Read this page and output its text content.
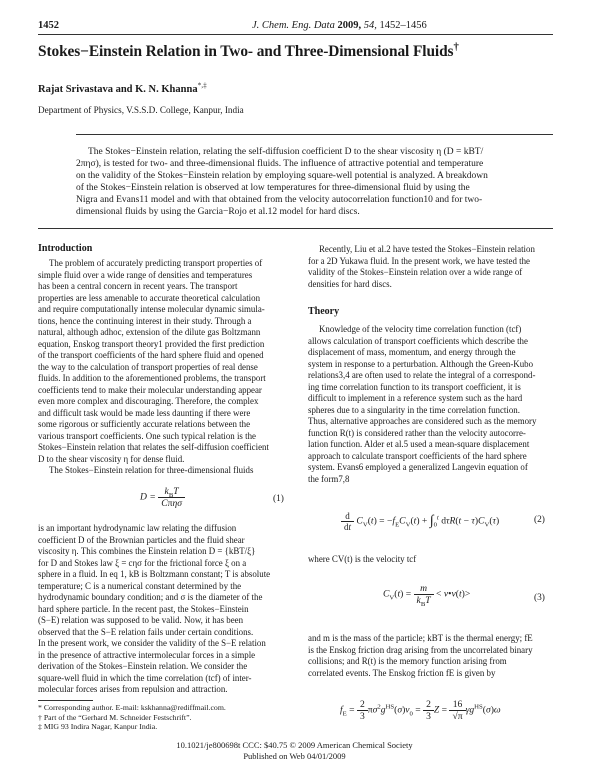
1452	J. Chem. Eng. Data 2009, 54, 1452–1456
Stokes−Einstein Relation in Two- and Three-Dimensional Fluids†
Rajat Srivastava and K. N. Khanna*,‡
Department of Physics, V.S.S.D. College, Kanpur, India

The Stokes−Einstein relation, relating the self-diffusion coefficient D to the shear viscosity η (D = kBT/

2πησ), is tested for two- and three-dimensional fluids. The influence of attractive potential and temperature
on the validity of the Stokes−Einstein relation by employing square-well potential is analyzed. A breakdown
of the Stokes−Einstein relation is observed at low temperatures for three-dimensional fluid by using the
Nigra and Evans11 model and with that obtained from the velocity autocorrelation function10 and for two-
dimensional fluids by using the Garcia−Rojo et al.12 model for hard discs.
Introduction
The problem of accurately predicting transport properties of
simple fluid over a wide range of densities and temperatures
has been a central concern in recent years. The transport
properties are less amenable to accurate theoretical calculation
and require computationally intense molecular dynamic simula-
tions, hence the continuing interest in their study. Through a
natural, although adhoc, extension of the dilute gas Boltzmann
equation, Enskog transport theory1 provided the first prediction
of the transport coefficients of the hard sphere fluid and opened
the way to the calculation of transport properties of real dense
fluids. In addition to the aforementioned problems, the transport
coefficients tend to make their molecular understanding appear
even more complex and discouraging. Therefore, the complex
and difficult task would be made less daunting if there were
some rigorous or sufficiently accurate relations between the
various transport coefficients. One such typical relation is the
Stokes−Einstein relation that relates the self-diffusion coefficient
D to the shear viscosity η for dense fluid.
The Stokes−Einstein relation for three-dimensional fluids
$D = \frac{k_BT}{\text{Cπησ}}$	(1)
is an important hydrodynamic law relating the diffusion
coefficient D of the Brownian particles and the fluid shear
viscosity η. This combines the Einstein relation D = {kBT/ξ}
for D and Stokes law ξ = cησ for the frictional force ξ on a
sphere in a fluid. In eq 1, kB is Boltzmann constant; T is absolute
temperature; C is a numerical constant determined by the
hydrodynamic boundary condition; and σ is the diameter of the
hard sphere particle. In the recent past, the Stokes−Einstein
(S−E) relation was supposed to be valid. Now, it has been
observed that the S−E relation fails under certain conditions.
In the present work, we consider the validity of the S−E relation
in the presence of attractive intermolecular forces in a simple
derivation of the Stokes−Einstein relation. We consider the
square-well fluid in which the time correlation (tcf) of inter-
molecular forces arises from repulsion and attraction.
* Corresponding author. E-mail: kskhanna@rediffmail.com.
† Part of the “Gerhard M. Schneider Festschrift”.
‡ MIG 93 Indira Nagar, Kanpur India.
Recently, Liu et al.2 have tested the Stokes−Einstein relation
for a 2D Yukawa fluid. In the present work, we have tested the
validity of the Stokes−Einstein relation over a wide range of
densities for hard discs.
Theory
Knowledge of the velocity time correlation function (tcf)
allows calculation of transport coefficients which describe the
displacement of mass, momentum, and energy through the
system in response to a perturbation. Although the Green-Kubo
relations3,4 are often used to relate the integral of a correspond-
ing time correlation function to its transport coefficient, it is
difficult to implement in a reference system such as the hard
spheres due to a singularity in the time correlation function.
Thus, alternative approaches are considered such as the memory
function R(t) is considered rather than the velocity autocorre-
lation function. Alder et al.5 used a mean-square displacement
approach to calculate transport coefficients of the hard sphere
system. Evans6 employed a generalized Langevin equation of
the form7,8
$\frac{d}{dt} C_V(t) = -f_EC_V(t) + \int_0^t$ $d\tau R(t - \tau)C_V(\tau)$	(2)
where CV(t) is the velocity tcf
$C_V(t) = \frac{m}{k_BT}$ < v•v(t)>	(3)
and m is the mass of the particle; kBT is the thermal energy; fE
is the Enskog friction drag arising from the uncorrelated binary
collisions; and R(t) is the memory function arising from
correlated events. The Enskog friction fE is given by
$f_E = \frac{2}{3} \pi\sigma^2g^{HS}(\sigma)\nu_0 = \frac{2}{3}$ $Z = \frac{16}{√\pi} \gamma g^{HS}(\sigma)\omega$
10.1021/je800698t CCC: $40.75 © 2009 American Chemical Society
Published on Web 04/01/2009
